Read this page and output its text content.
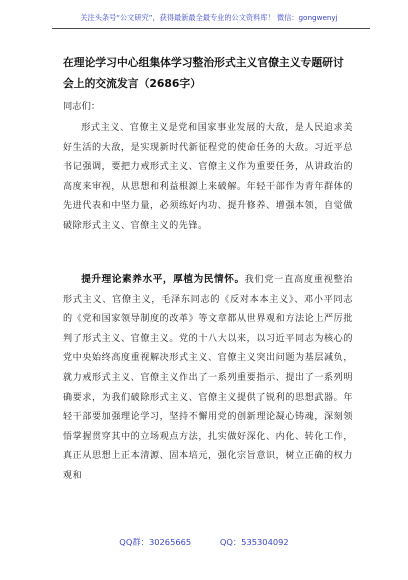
关注头条号“公文研究”，获得最新最全最专业的公文资料库！ 微信：gongwenyj
在理论学习中心组集体学习整治形式主义官僚主义专题研讨会上的交流发言（2686字）
同志们：
形式主义、官僚主义是党和国家事业发展的大敌，是人民追求美好生活的大敌，是实现新时代新征程党的使命任务的大敌。习近平总书记强调，要把力戒形式主义、官僚主义作为重要任务，从讲政治的高度来审视，从思想和利益根源上来破解。年轻干部作为青年群体的先进代表和中坚力量，必须练好内功、提升修养、增强本领，自觉做破除形式主义、官僚主义的先锋。
提升理论素养水平，厚植为民情怀。我们党一直高度重视整治形式主义、官僚主义，毛泽东同志的《反对本本主义》、邓小平同志的《党和国家领导制度的改革》等文章都从世界观和方法论上严厉批判了形式主义、官僚主义。党的十八大以来，以习近平同志为核心的党中央始终高度重视解决形式主义、官僚主义突出问题为基层减负，就力戒形式主义、官僚主义作出了一系列重要指示、提出了一系列明确要求，为我们破除形式主义、官僚主义提供了锐利的思想武器。年轻干部要加强理论学习，坚持不懈用党的创新理论凝心铸魂，深刻领悟掌握贯穿其中的立场观点方法，扎实做好深化、内化、转化工作，真正从思想上正本清源、固本培元，强化宗旨意识，树立正确的权力观和
QQ群：30265665	QQ：535304092
